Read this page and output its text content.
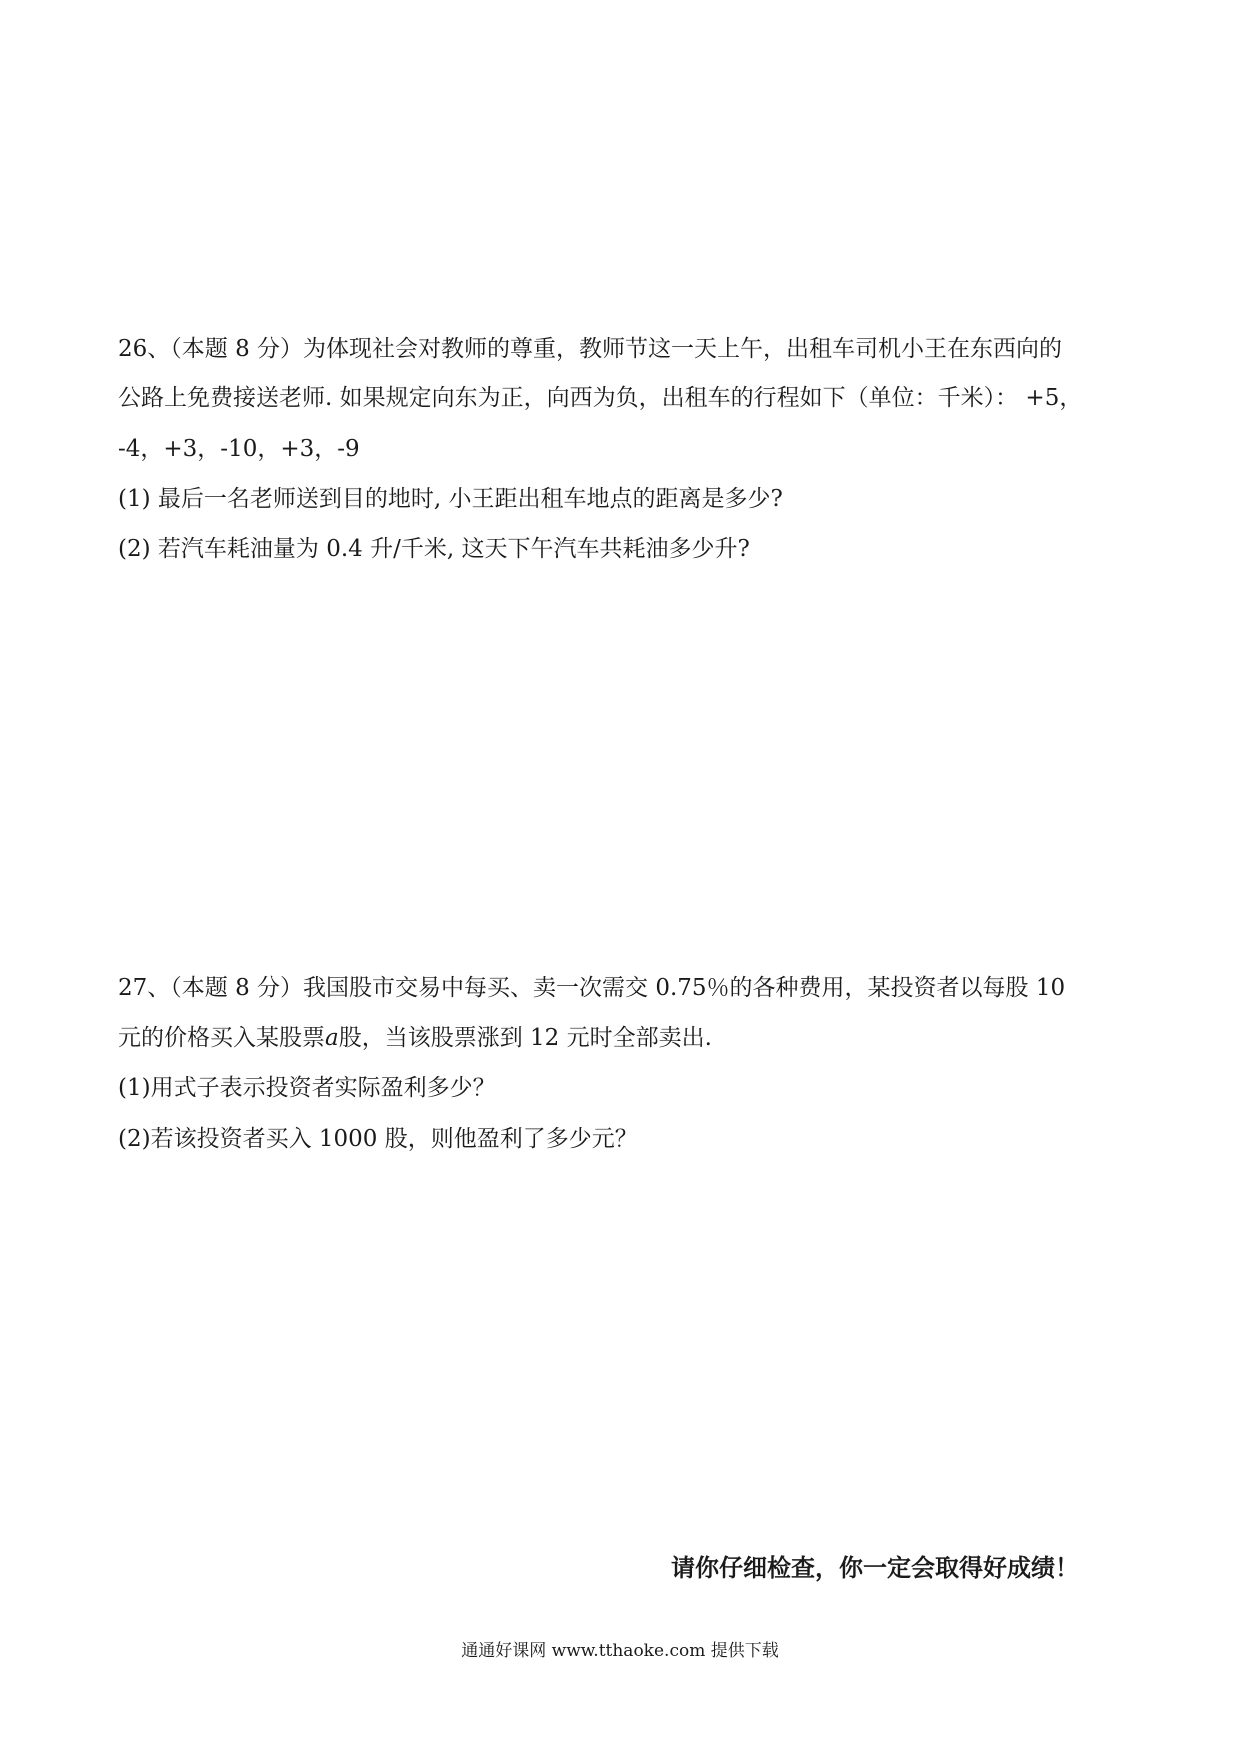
26、（本题 8 分）为体现社会对教师的尊重，教师节这一天上午，出租车司机小王在东西向的
公路上免费接送老师. 如果规定向东为正，向西为负，出租车的行程如下（单位：千米）： +5，
-4，+3，-10，+3，-9
(1) 最后一名老师送到目的地时, 小王距出租车地点的距离是多少?
(2) 若汽车耗油量为 0.4 升/千米, 这天下午汽车共耗油多少升?
27、（本题 8 分）我国股市交易中每买、卖一次需交 0.75％的各种费用，某投资者以每股 10
元的价格买入某股票a股，当该股票涨到 12 元时全部卖出.
(1)用式子表示投资者实际盈利多少？
(2)若该投资者买入 1000 股，则他盈利了多少元？
请你仔细检查，你一定会取得好成绩！
通通好课网 www.tthaoke.com 提供下载
